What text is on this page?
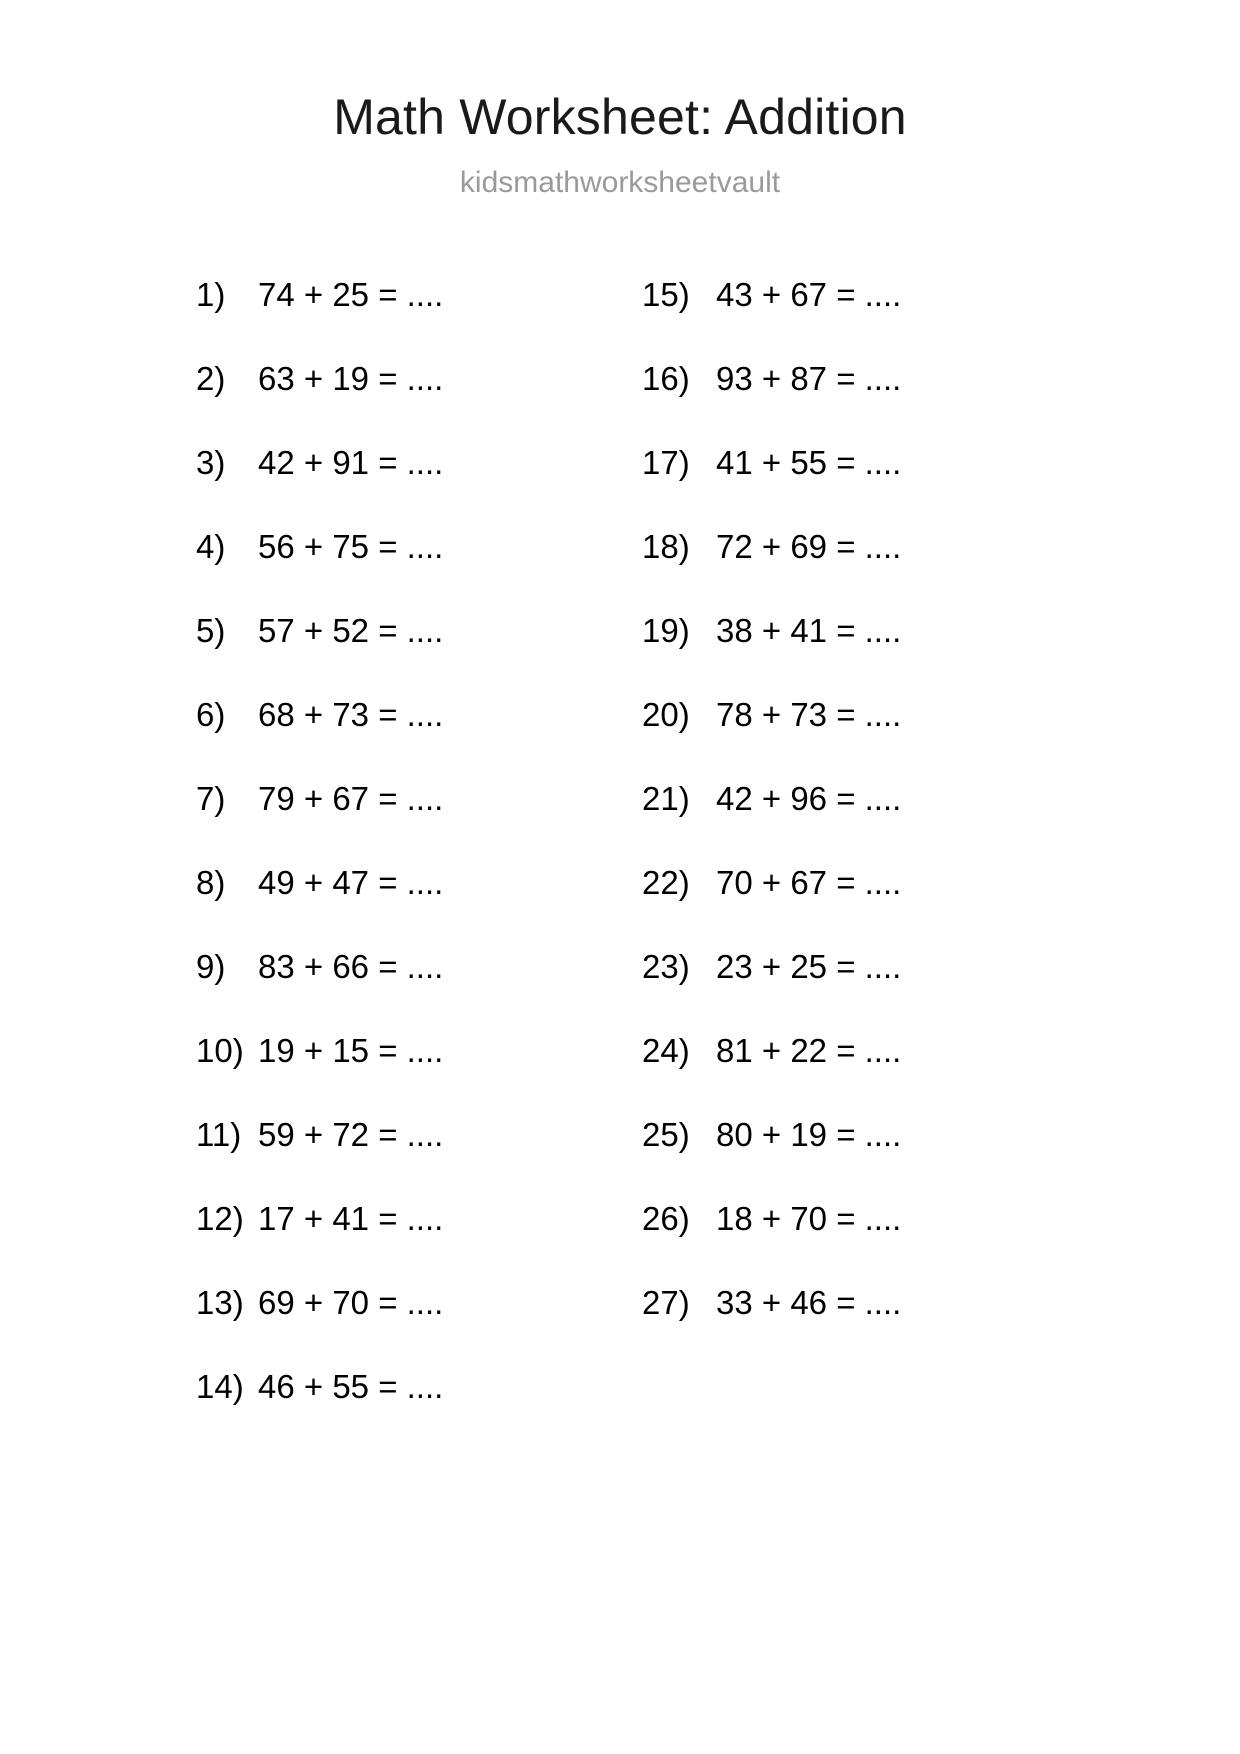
Math Worksheet: Addition

kidsmathworksheetvault

1) 74 + 25 = ....
2) 63 + 19 = ....
3) 42 + 91 = ....
4) 56 + 75 = ....
5) 57 + 52 = ....
6) 68 + 73 = ....
7) 79 + 67 = ....
8) 49 + 47 = ....
9) 83 + 66 = ....
10) 19 + 15 = ....
11) 59 + 72 = ....
12) 17 + 41 = ....
13) 69 + 70 = ....
14) 46 + 55 = ....
15) 43 + 67 = ....
16) 93 + 87 = ....
17) 41 + 55 = ....
18) 72 + 69 = ....
19) 38 + 41 = ....
20) 78 + 73 = ....
21) 42 + 96 = ....
22) 70 + 67 = ....
23) 23 + 25 = ....
24) 81 + 22 = ....
25) 80 + 19 = ....
26) 18 + 70 = ....
27) 33 + 46 = ....
